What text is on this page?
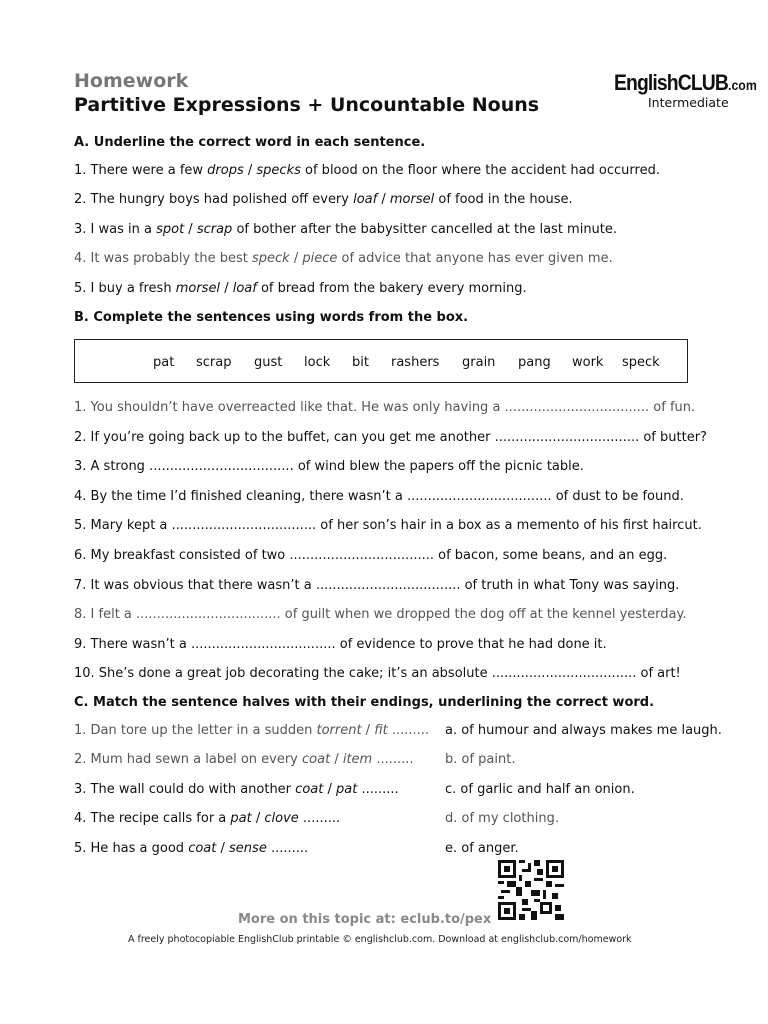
Homework
Partitive Expressions + Uncountable Nouns
EnglishCLUB.com
Intermediate
A. Underline the correct word in each sentence.
1. There were a few drops / specks of blood on the floor where the accident had occurred.
2. The hungry boys had polished off every loaf / morsel of food in the house.
3. I was in a spot / scrap of bother after the babysitter cancelled at the last minute.
4. It was probably the best speck / piece of advice that anyone has ever given me.
5. I buy a fresh morsel / loaf of bread from the bakery every morning.
B. Complete the sentences using words from the box.
pat scrap gust lock bit rashers grain pang work speck
1. You shouldn’t have overreacted like that. He was only having a ................................... of fun.
2. If you’re going back up to the buffet, can you get me another ................................... of butter?
3. A strong ................................... of wind blew the papers off the picnic table.
4. By the time I’d finished cleaning, there wasn’t a ................................... of dust to be found.
5. Mary kept a ................................... of her son’s hair in a box as a memento of his first haircut.
6. My breakfast consisted of two ................................... of bacon, some beans, and an egg.
7. It was obvious that there wasn’t a ................................... of truth in what Tony was saying.
8. I felt a ................................... of guilt when we dropped the dog off at the kennel yesterday.
9. There wasn’t a ................................... of evidence to prove that he had done it.
10. She’s done a great job decorating the cake; it’s an absolute ................................... of art!
C. Match the sentence halves with their endings, underlining the correct word.
1. Dan tore up the letter in a sudden torrent / fit ......... a. of humour and always makes me laugh.
2. Mum had sewn a label on every coat / item ......... b. of paint.
3. The wall could do with another coat / pat .........	c. of garlic and half an onion.
4. The recipe calls for a pat / clove .........	d. of my clothing.
5. He has a good coat / sense .........	e. of anger.
More on this topic at: eclub.to/pex
A freely photocopiable EnglishClub printable © englishclub.com. Download at englishclub.com/homework
